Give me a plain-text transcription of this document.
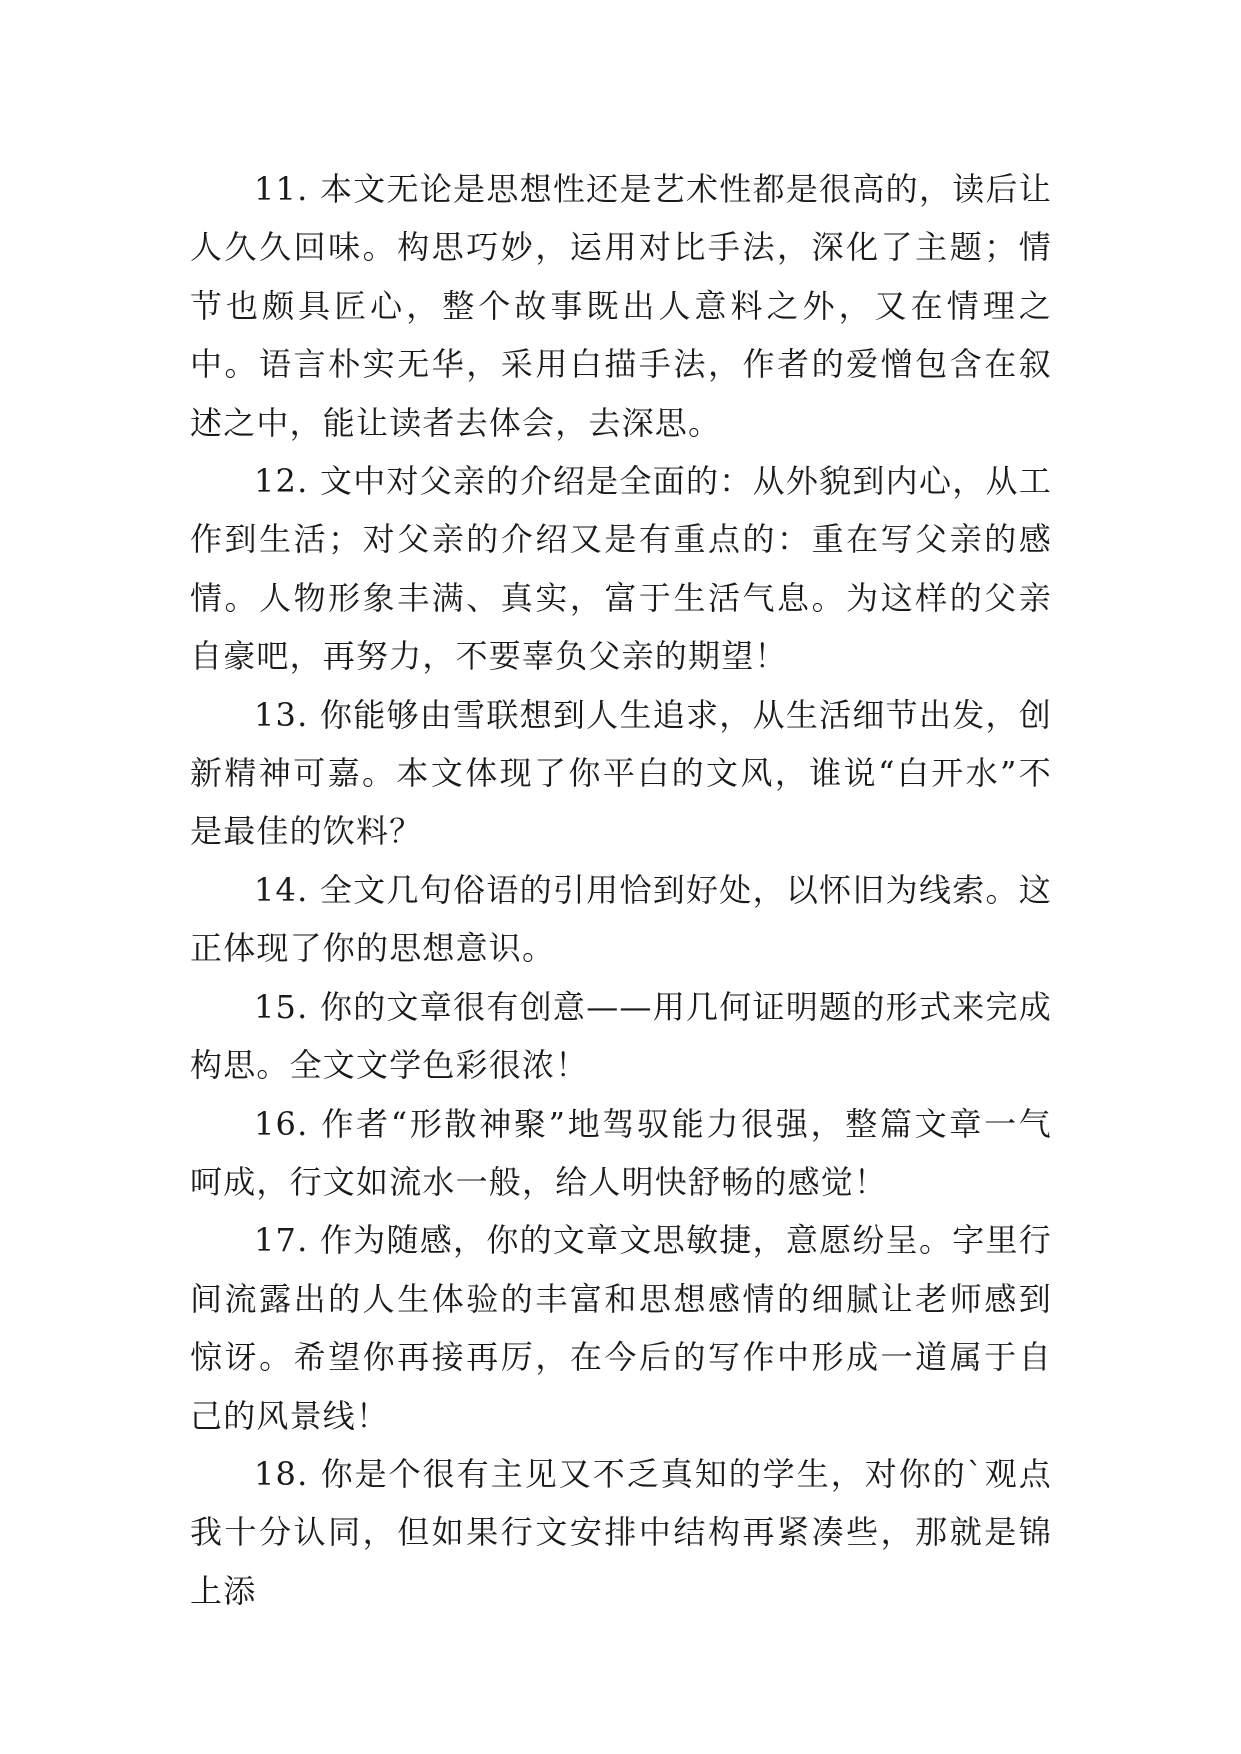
11. 本文无论是思想性还是艺术性都是很高的，读后让人久久回味。构思巧妙，运用对比手法，深化了主题；情节也颇具匠心，整个故事既出人意料之外，又在情理之中。语言朴实无华，采用白描手法，作者的爱憎包含在叙述之中，能让读者去体会，去深思。

12. 文中对父亲的介绍是全面的：从外貌到内心，从工作到生活；对父亲的介绍又是有重点的：重在写父亲的感情。人物形象丰满、真实，富于生活气息。为这样的父亲自豪吧，再努力，不要辜负父亲的期望！

13. 你能够由雪联想到人生追求，从生活细节出发，创新精神可嘉。本文体现了你平白的文风，谁说“白开水”不是最佳的饮料？

14. 全文几句俗语的引用恰到好处，以怀旧为线索。这正体现了你的思想意识。

15. 你的文章很有创意——用几何证明题的形式来完成构思。全文文学色彩很浓！

16. 作者“形散神聚”地驾驭能力很强，整篇文章一气呵成，行文如流水一般，给人明快舒畅的感觉！

17. 作为随感，你的文章文思敏捷，意愿纷呈。字里行间流露出的人生体验的丰富和思想感情的细腻让老师感到惊讶。希望你再接再厉，在今后的写作中形成一道属于自己的风景线！

18. 你是个很有主见又不乏真知的学生，对你的`观点我十分认同，但如果行文安排中结构再紧凑些，那就是锦上添
